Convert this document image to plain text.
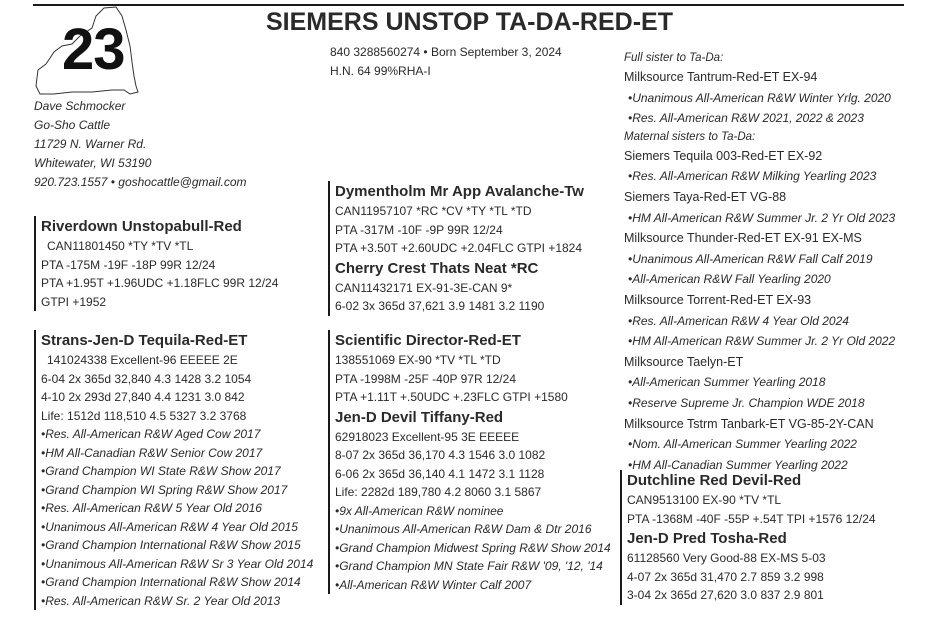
23	SIEMERS UNSTOP TA-DA-RED-ET
840 3288560274 • Born September 3, 2024
H.N. 64 99%RHA-I
Dave Schmocker
Go-Sho Cattle
11729 N. Warner Rd.
Whitewater, WI 53190
920.723.1557 • goshocattle@gmail.com
Riverdown Unstopabull-Red
CAN11801450 *TY *TV *TL
PTA -175M -19F -18P 99R 12/24
PTA +1.95T +1.96UDC +1.18FLC 99R 12/24
GTPI +1952
Strans-Jen-D Tequila-Red-ET
141024338 Excellent-96 EEEEE 2E
6-04 2x 365d 32,840 4.3 1428 3.2 1054
4-10 2x 293d 27,840 4.4 1231 3.0 842
Life: 1512d 118,510 4.5 5327 3.2 3768
•Res. All-American R&W Aged Cow 2017
•HM All-Canadian R&W Senior Cow 2017
•Grand Champion WI State R&W Show 2017
•Grand Champion WI Spring R&W Show 2017
•Res. All-American R&W 5 Year Old 2016
•Unanimous All-American R&W 4 Year Old 2015
•Grand Champion International R&W Show 2015
•Unanimous All-American R&W Sr 3 Year Old 2014
•Grand Champion International R&W Show 2014
•Res. All-American R&W Sr. 2 Year Old 2013
Dymentholm Mr App Avalanche-Tw
CAN11957107 *RC *CV *TY *TL *TD
PTA -317M -10F -9P 99R 12/24
PTA +3.50T +2.60UDC +2.04FLC GTPI +1824
Cherry Crest Thats Neat *RC
CAN11432171 EX-91-3E-CAN 9*
6-02 3x 365d 37,621 3.9 1481 3.2 1190
Scientific Director-Red-ET
138551069 EX-90 *TV *TL *TD
PTA -1998M -25F -40P 97R 12/24
PTA +1.11T +.50UDC +.23FLC GTPI +1580
Jen-D Devil Tiffany-Red
62918023 Excellent-95 3E EEEEE
8-07 2x 365d 36,170 4.3 1546 3.0 1082
6-06 2x 365d 36,140 4.1 1472 3.1 1128
Life: 2282d 189,780 4.2 8060 3.1 5867
•9x All-American R&W nominee
•Unanimous All-American R&W Dam & Dtr 2016
•Grand Champion Midwest Spring R&W Show 2014
•Grand Champion MN State Fair R&W '09, '12, '14
•All-American R&W Winter Calf 2007
Full sister to Ta-Da:
Milksource Tantrum-Red-ET EX-94
•Unanimous All-American R&W Winter Yrlg. 2020
•Res. All-American R&W 2021, 2022 & 2023
Maternal sisters to Ta-Da:
Siemers Tequila 003-Red-ET EX-92
•Res. All-American R&W Milking Yearling 2023
Siemers Taya-Red-ET VG-88
•HM All-American R&W Summer Jr. 2 Yr Old 2023
Milksource Thunder-Red-ET EX-91 EX-MS
•Unanimous All-American R&W Fall Calf 2019
•All-American R&W Fall Yearling 2020
Milksource Torrent-Red-ET EX-93
•Res. All-American R&W 4 Year Old 2024
•HM All-American R&W Summer Jr. 2 Yr Old 2022
Milksource Taelyn-ET
•All-American Summer Yearling 2018
•Reserve Supreme Jr. Champion WDE 2018
Milksource Tstrm Tanbark-ET VG-85-2Y-CAN
•Nom. All-American Summer Yearling 2022
•HM All-Canadian Summer Yearling 2022
Dutchline Red Devil-Red
CAN9513100 EX-90 *TV *TL
PTA -1368M -40F -55P +.54T TPI +1576 12/24
Jen-D Pred Tosha-Red
61128560 Very Good-88 EX-MS 5-03
4-07 2x 365d 31,470 2.7 859 3.2 998
3-04 2x 365d 27,620 3.0 837 2.9 801
